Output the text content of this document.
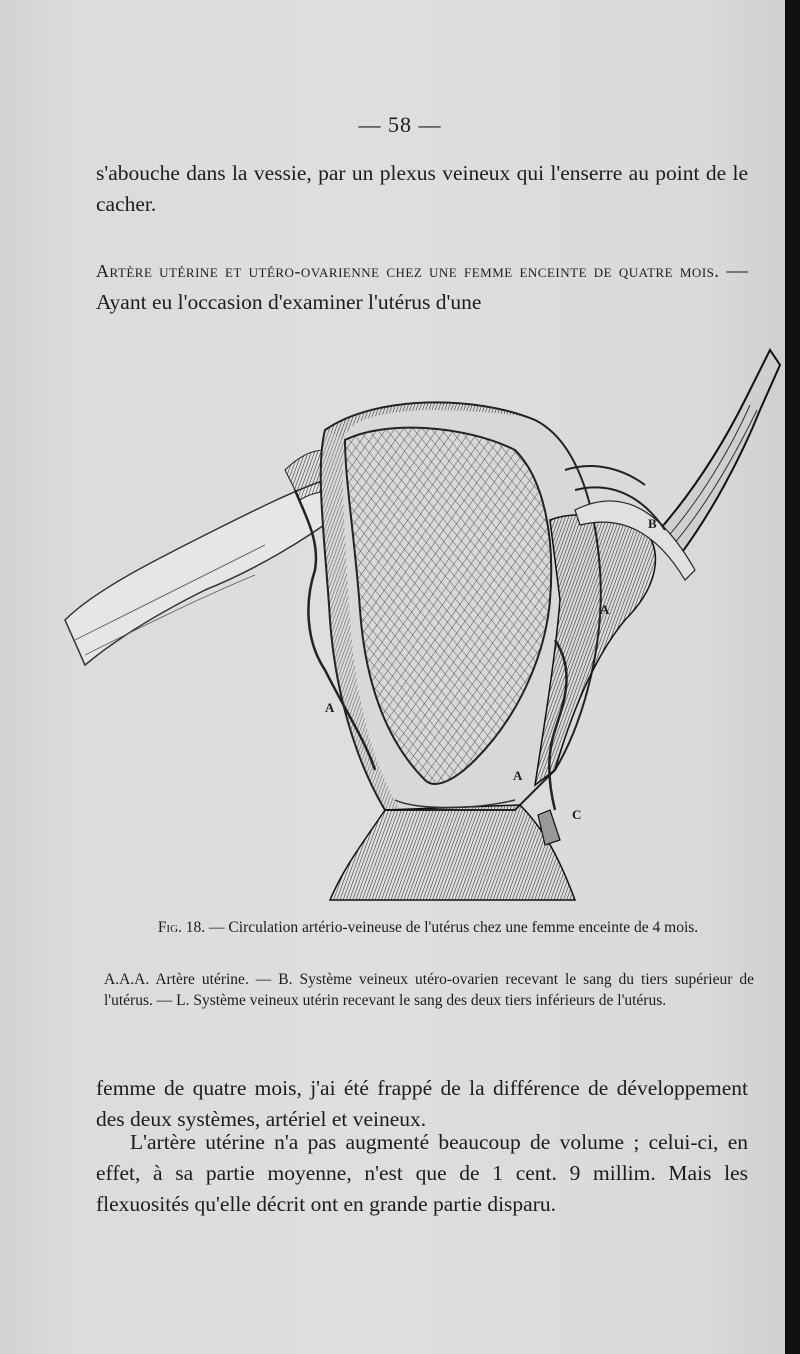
— 58 —
s'abouche dans la vessie, par un plexus veineux qui l'enserre au point de le cacher.
Artère utérine et utéro-ovarienne chez une femme enceinte de quatre mois. — Ayant eu l'occasion d'examiner l'utérus d'une
B
A
A
A
C
Fig. 18. — Circulation artério-veineuse de l'utérus chez une femme enceinte de 4 mois.
A.A.A. Artère utérine. — B. Système veineux utéro-ovarien recevant le sang du tiers supérieur de l'utérus. — L. Système veineux utérin recevant le sang des deux tiers inférieurs de l'utérus.
femme de quatre mois, j'ai été frappé de la différence de développement des deux systèmes, artériel et veineux.
L'artère utérine n'a pas augmenté beaucoup de volume ; celui-ci, en effet, à sa partie moyenne, n'est que de 1 cent. 9 millim. Mais les flexuosités qu'elle décrit ont en grande partie disparu.
